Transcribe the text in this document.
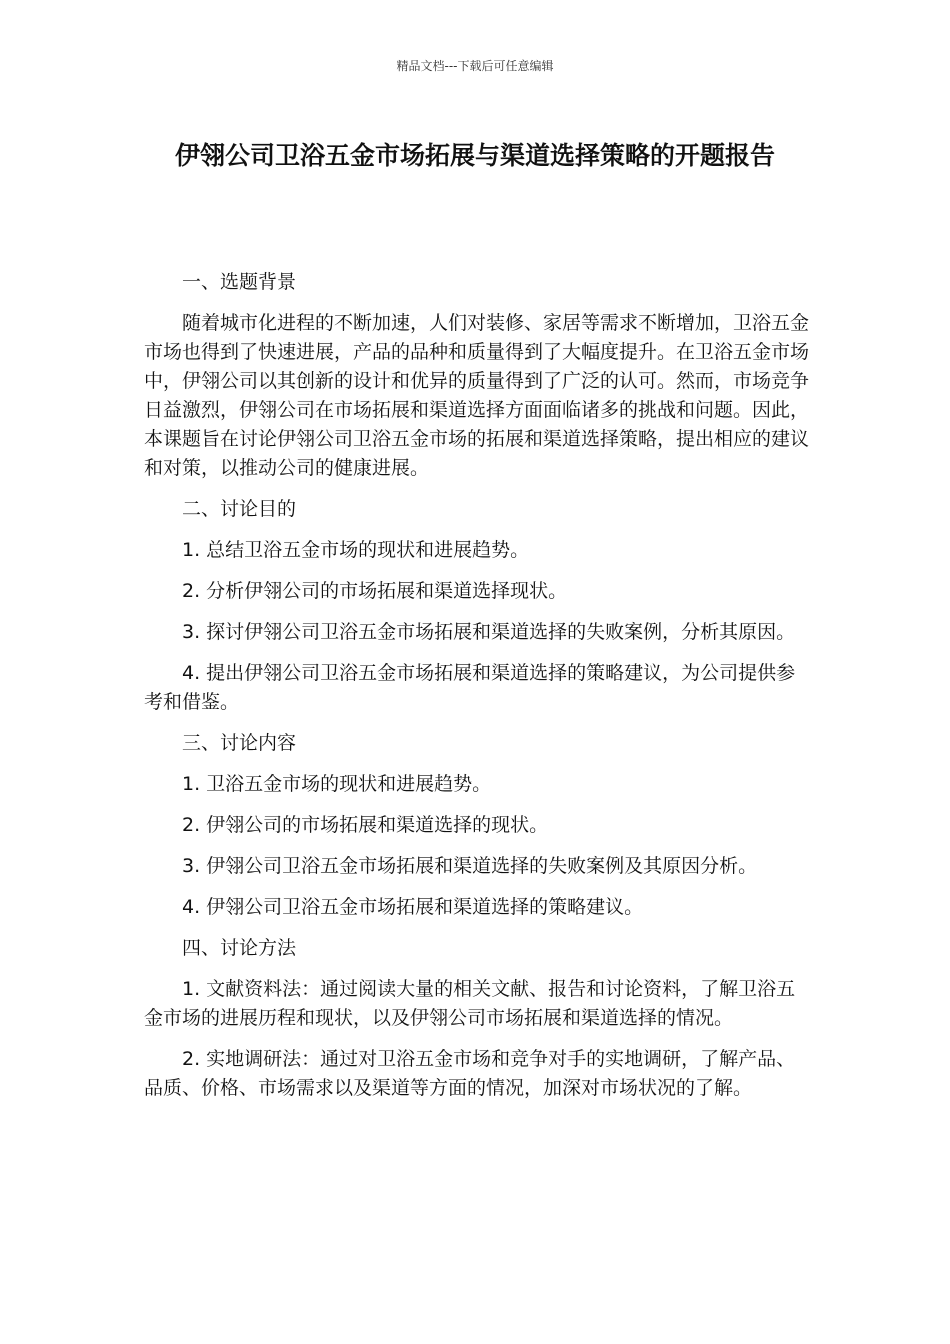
精品文档---下载后可任意编辑
伊翎公司卫浴五金市场拓展与渠道选择策略的开题报告

一、选题背景

随着城市化进程的不断加速，人们对装修、家居等需求不断增加，卫浴五金市场也得到了快速进展，产品的品种和质量得到了大幅度提升。在卫浴五金市场中，伊翎公司以其创新的设计和优异的质量得到了广泛的认可。然而，市场竞争日益激烈，伊翎公司在市场拓展和渠道选择方面面临诸多的挑战和问题。因此，本课题旨在讨论伊翎公司卫浴五金市场的拓展和渠道选择策略，提出相应的建议和对策，以推动公司的健康进展。

二、讨论目的

1. 总结卫浴五金市场的现状和进展趋势。

2. 分析伊翎公司的市场拓展和渠道选择现状。

3. 探讨伊翎公司卫浴五金市场拓展和渠道选择的失败案例，分析其原因。

4. 提出伊翎公司卫浴五金市场拓展和渠道选择的策略建议，为公司提供参考和借鉴。

三、讨论内容

1. 卫浴五金市场的现状和进展趋势。

2. 伊翎公司的市场拓展和渠道选择的现状。

3. 伊翎公司卫浴五金市场拓展和渠道选择的失败案例及其原因分析。

4. 伊翎公司卫浴五金市场拓展和渠道选择的策略建议。

四、讨论方法

1. 文献资料法：通过阅读大量的相关文献、报告和讨论资料，了解卫浴五金市场的进展历程和现状，以及伊翎公司市场拓展和渠道选择的情况。

2. 实地调研法：通过对卫浴五金市场和竞争对手的实地调研，了解产品、品质、价格、市场需求以及渠道等方面的情况，加深对市场状况的了解。
